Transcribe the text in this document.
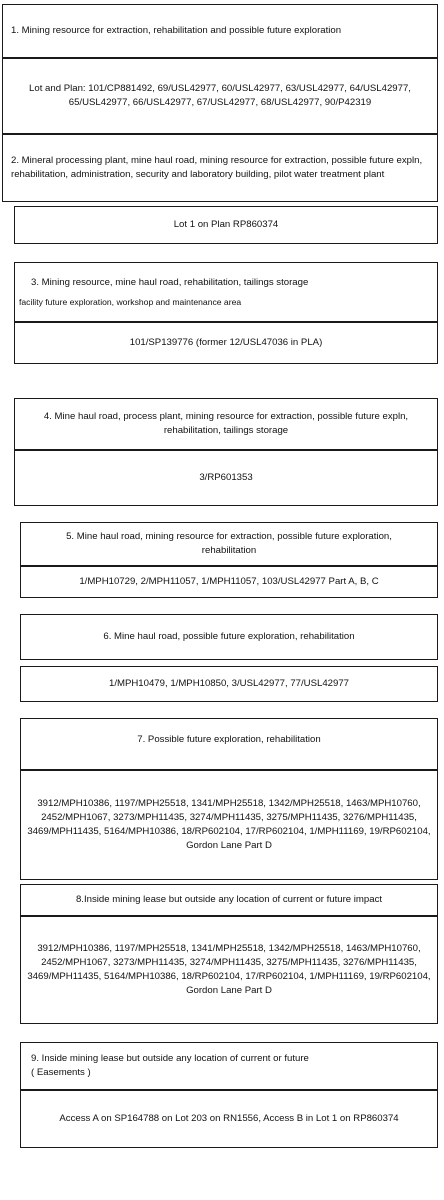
1. Mining resource for extraction, rehabilitation and possible future exploration
Lot and Plan: 101/CP881492, 69/USL42977, 60/USL42977, 63/USL42977, 64/USL42977, 65/USL42977, 66/USL42977, 67/USL42977, 68/USL42977, 90/P42319
2. Mineral processing plant, mine haul road, mining resource for extraction, possible future expln, rehabilitation, administration, security and laboratory building, pilot water treatment plant
Lot 1 on Plan RP860374
3. Mining resource, mine haul road, rehabilitation, tailings storage
facility future exploration, workshop and maintenance area
101/SP139776 (former 12/USL47036 in PLA)
4. Mine haul road, process plant, mining resource for extraction, possible future expln, rehabilitation, tailings storage
3/RP601353
5. Mine haul road, mining resource for extraction, possible future exploration, rehabilitation
1/MPH10729, 2/MPH11057, 1/MPH11057, 103/USL42977 Part A, B, C
6. Mine haul road, possible future exploration, rehabilitation
1/MPH10479, 1/MPH10850, 3/USL42977, 77/USL42977
7. Possible future exploration, rehabilitation
3912/MPH10386, 1197/MPH25518, 1341/MPH25518, 1342/MPH25518, 1463/MPH10760, 2452/MPH1067, 3273/MPH11435, 3274/MPH11435, 3275/MPH11435, 3276/MPH11435, 3469/MPH11435, 5164/MPH10386, 18/RP602104, 17/RP602104, 1/MPH11169, 19/RP602104, Gordon Lane Part D
8.Inside mining lease but outside any location of current or future impact
3912/MPH10386, 1197/MPH25518, 1341/MPH25518, 1342/MPH25518, 1463/MPH10760, 2452/MPH1067, 3273/MPH11435, 3274/MPH11435, 3275/MPH11435, 3276/MPH11435, 3469/MPH11435, 5164/MPH10386, 18/RP602104, 17/RP602104, 1/MPH11169, 19/RP602104, Gordon Lane Part D
9. Inside mining lease but outside any location of current or future
( Easements )
Access A on SP164788 on Lot 203 on RN1556, Access B in Lot 1 on RP860374
